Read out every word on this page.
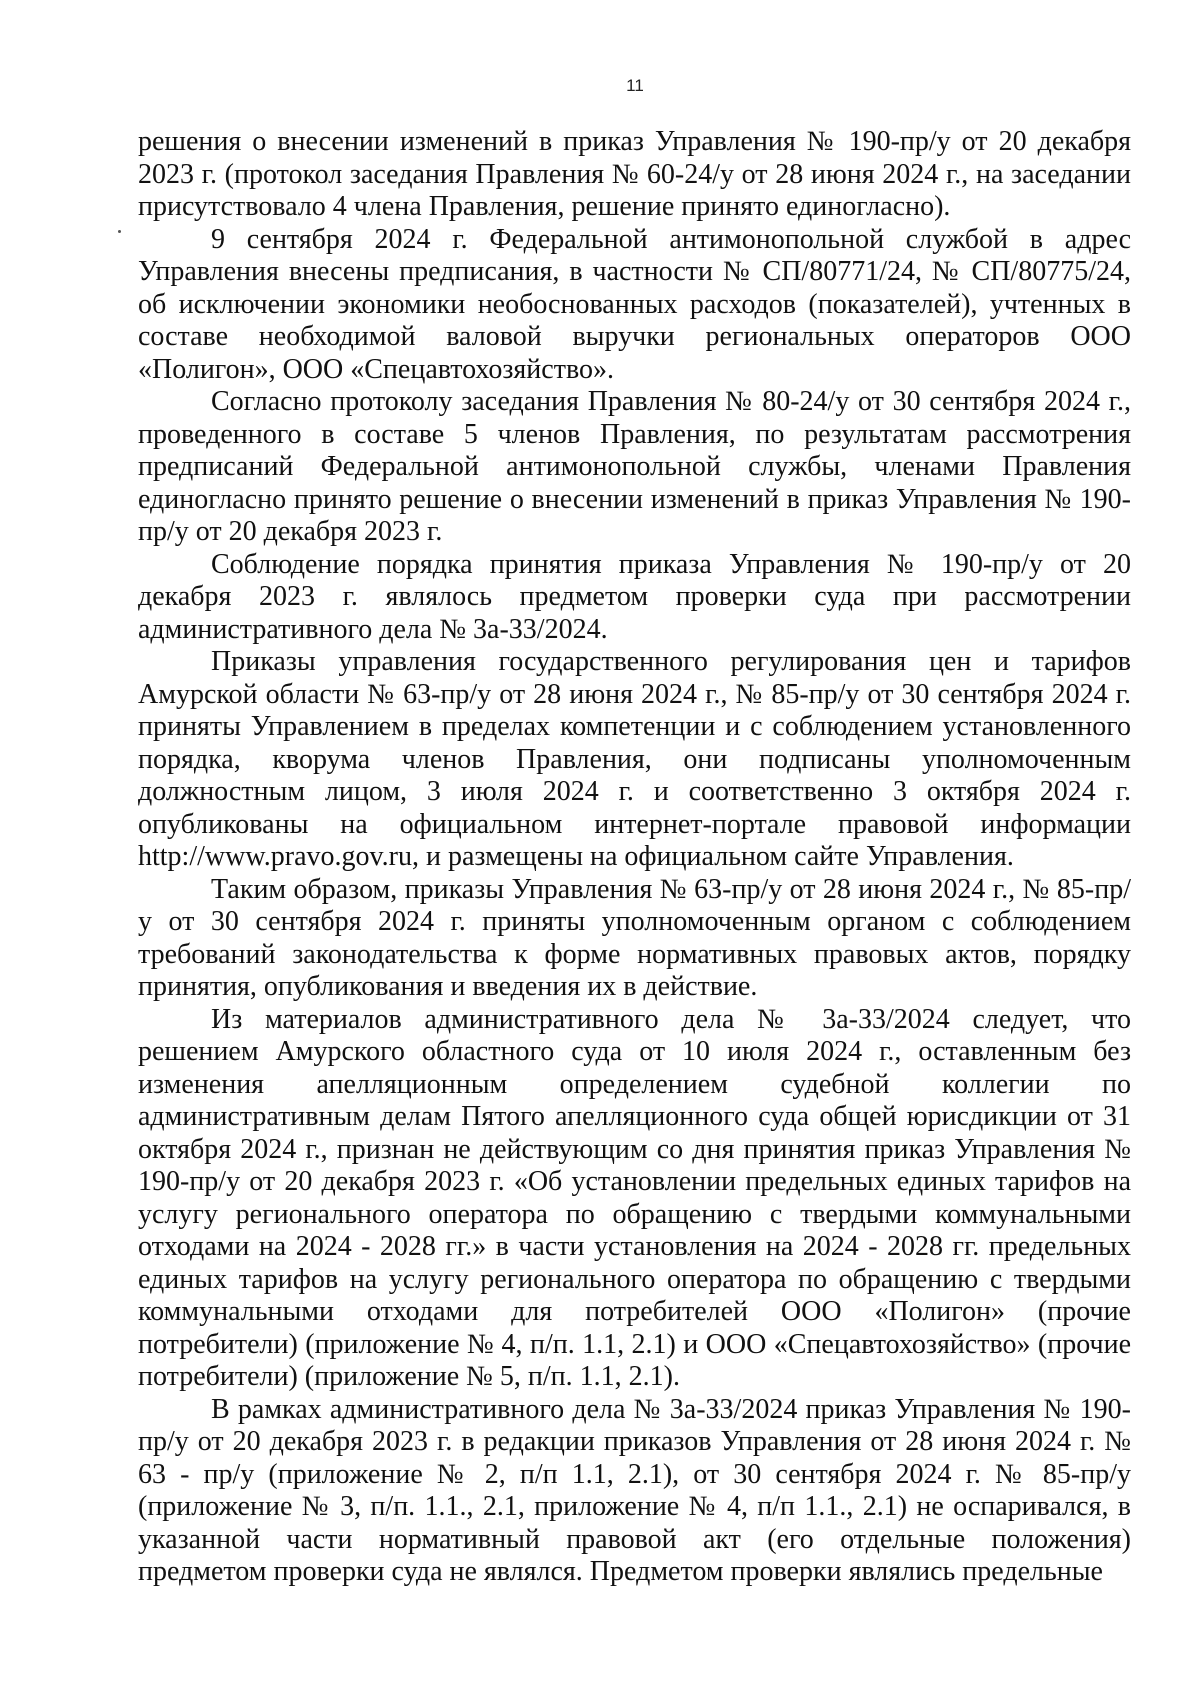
11

решения о внесении изменений в приказ Управления № 190-пр/у от 20 декабря 2023 г. (протокол заседания Правления № 60-24/у от 28 июня 2024 г., на заседании присутствовало 4 члена Правления, решение принято единогласно).

9 сентября 2024 г. Федеральной антимонопольной службой в адрес Управления внесены предписания, в частности № СП/80771/24, № СП/80775/24, об исключении экономики необоснованных расходов (показателей), учтенных в составе необходимой валовой выручки региональных операторов ООО «Полигон», ООО «Спецавтохозяйство».

Согласно протоколу заседания Правления № 80-24/у от 30 сентября 2024 г., проведенного в составе 5 членов Правления, по результатам рассмотрения предписаний Федеральной антимонопольной службы, членами Правления единогласно принято решение о внесении изменений в приказ Управления № 190-пр/у от 20 декабря 2023 г.

Соблюдение порядка принятия приказа Управления № 190-пр/у от 20 декабря 2023 г. являлось предметом проверки суда при рассмотрении административного дела № 3а-33/2024.

Приказы управления государственного регулирования цен и тарифов Амурской области № 63-пр/у от 28 июня 2024 г., № 85-пр/у от 30 сентября 2024 г. приняты Управлением в пределах компетенции и с соблюдением установленного порядка, кворума членов Правления, они подписаны уполномоченным должностным лицом, 3 июля 2024 г. и соответственно 3 октября 2024 г. опубликованы на официальном интернет-портале правовой информации http://www.pravo.gov.ru, и размещены на официальном сайте Управления.

Таким образом, приказы Управления № 63-пр/у от 28 июня 2024 г., № 85-пр/у от 30 сентября 2024 г. приняты уполномоченным органом с соблюдением требований законодательства к форме нормативных правовых актов, порядку принятия, опубликования и введения их в действие.

Из материалов административного дела № 3а-33/2024 следует, что решением Амурского областного суда от 10 июля 2024 г., оставленным без изменения апелляционным определением судебной коллегии по административным делам Пятого апелляционного суда общей юрисдикции от 31 октября 2024 г., признан не действующим со дня принятия приказ Управления № 190-пр/у от 20 декабря 2023 г. «Об установлении предельных единых тарифов на услугу регионального оператора по обращению с твердыми коммунальными отходами на 2024 - 2028 гг.» в части установления на 2024 - 2028 гг. предельных единых тарифов на услугу регионального оператора по обращению с твердыми коммунальными отходами для потребителей ООО «Полигон» (прочие потребители) (приложение № 4, п/п. 1.1, 2.1) и ООО «Спецавтохозяйство» (прочие потребители) (приложение № 5, п/п. 1.1, 2.1).

В рамках административного дела № 3а-33/2024 приказ Управления № 190-пр/у от 20 декабря 2023 г. в редакции приказов Управления от 28 июня 2024 г. № 63 - пр/у (приложение № 2, п/п 1.1, 2.1), от 30 сентября 2024 г. № 85-пр/у (приложение № 3, п/п. 1.1., 2.1, приложение № 4, п/п 1.1., 2.1) не оспаривался, в указанной части нормативный правовой акт (его отдельные положения) предметом проверки суда не являлся. Предметом проверки являлись предельные
